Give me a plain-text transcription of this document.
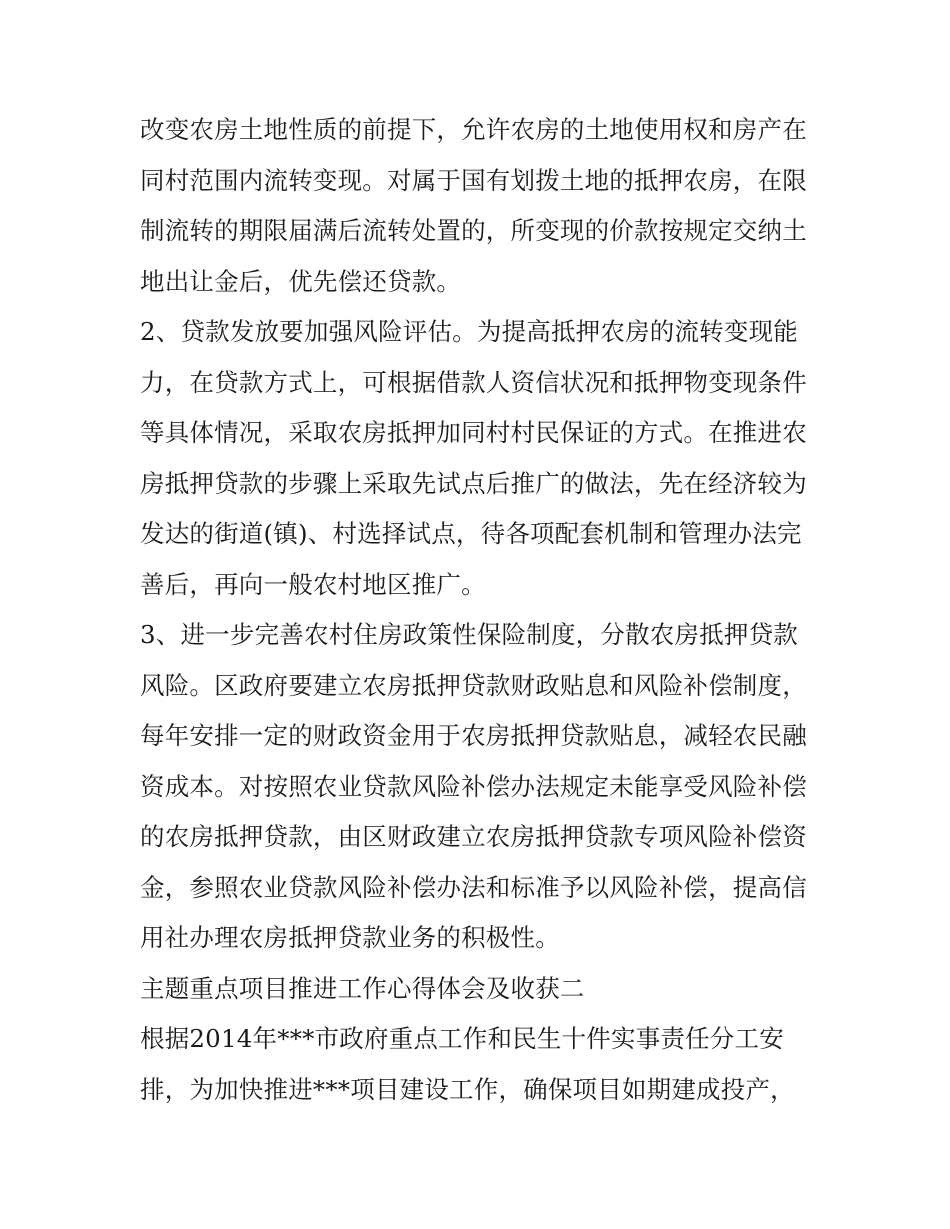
改变农房土地性质的前提下，允许农房的土地使用权和房产在
同村范围内流转变现。对属于国有划拨土地的抵押农房，在限
制流转的期限届满后流转处置的，所变现的价款按规定交纳土
地出让金后，优先偿还贷款。
2、贷款发放要加强风险评估。为提高抵押农房的流转变现能
力，在贷款方式上，可根据借款人资信状况和抵押物变现条件
等具体情况，采取农房抵押加同村村民保证的方式。在推进农
房抵押贷款的步骤上采取先试点后推广的做法，先在经济较为
发达的街道(镇)、村选择试点，待各项配套机制和管理办法完
善后，再向一般农村地区推广。
3、进一步完善农村住房政策性保险制度，分散农房抵押贷款
风险。区政府要建立农房抵押贷款财政贴息和风险补偿制度，
每年安排一定的财政资金用于农房抵押贷款贴息，减轻农民融
资成本。对按照农业贷款风险补偿办法规定未能享受风险补偿
的农房抵押贷款，由区财政建立农房抵押贷款专项风险补偿资
金，参照农业贷款风险补偿办法和标准予以风险补偿，提高信
用社办理农房抵押贷款业务的积极性。
主题重点项目推进工作心得体会及收获二
根据2014年***市政府重点工作和民生十件实事责任分工安
排，为加快推进***项目建设工作，确保项目如期建成投产，
